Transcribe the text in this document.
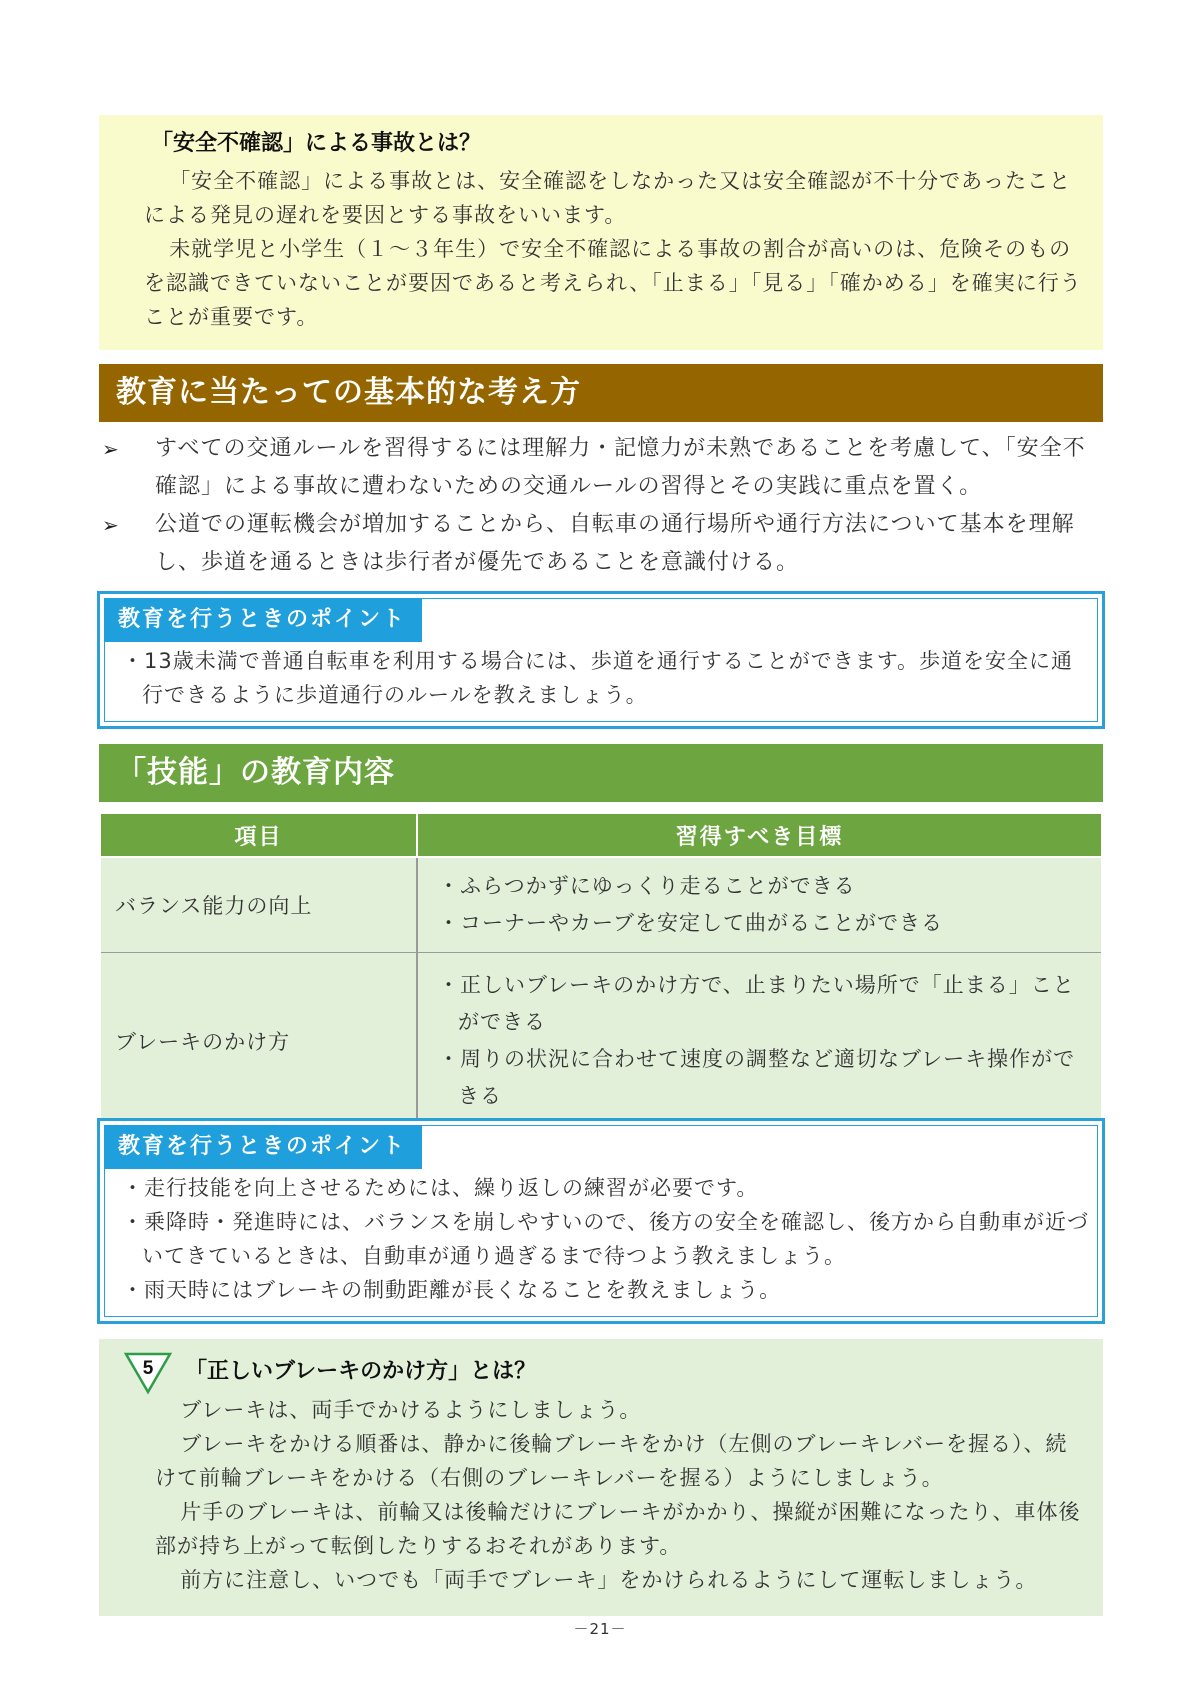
「安全不確認」による事故とは？

「安全不確認」による事故とは、安全確認をしなかった又は安全確認が不十分であったことによる発見の遅れを要因とする事故をいいます。

未就学児と小学生（１～３年生）で安全不確認による事故の割合が高いのは、危険そのものを認識できていないことが要因であると考えられ、「止まる」「見る」「確かめる」を確実に行うことが重要です。

教育に当たっての基本的な考え方

➢ すべての交通ルールを習得するには理解力・記憶力が未熟であることを考慮して、「安全不確認」による事故に遭わないための交通ルールの習得とその実践に重点を置く。

➢ 公道での運転機会が増加することから、自転車の通行場所や通行方法について基本を理解し、歩道を通るときは歩行者が優先であることを意識付ける。

教育を行うときのポイント

・13歳未満で普通自転車を利用する場合には、歩道を通行することができます。歩道を安全に通行できるように歩道通行のルールを教えましょう。

「技能」の教育内容
項目	習得すべき目標
バランス能力の向上	・ふらつかずにゆっくり走ることができる

・コーナーやカーブを安定して曲がることができる

ブレーキのかけ方	・正しいブレーキのかけ方で、止まりたい場所で「止まる」ことができる

・周りの状況に合わせて速度の調整など適切なブレーキ操作ができる

教育を行うときのポイント

・走行技能を向上させるためには、繰り返しの練習が必要です。

・乗降時・発進時には、バランスを崩しやすいので、後方の安全を確認し、後方から自動車が近づいてきているときは、自動車が通り過ぎるまで待つよう教えましょう。

・雨天時にはブレーキの制動距離が長くなることを教えましょう。

5 「正しいブレーキのかけ方」とは？

ブレーキは、両手でかけるようにしましょう。

ブレーキをかける順番は、静かに後輪ブレーキをかけ（左側のブレーキレバーを握る）、続けて前輪ブレーキをかける（右側のブレーキレバーを握る）ようにしましょう。

片手のブレーキは、前輪又は後輪だけにブレーキがかかり、操縦が困難になったり、車体後部が持ち上がって転倒したりするおそれがあります。

前方に注意し、いつでも「両手でブレーキ」をかけられるようにして運転しましょう。

－21－
